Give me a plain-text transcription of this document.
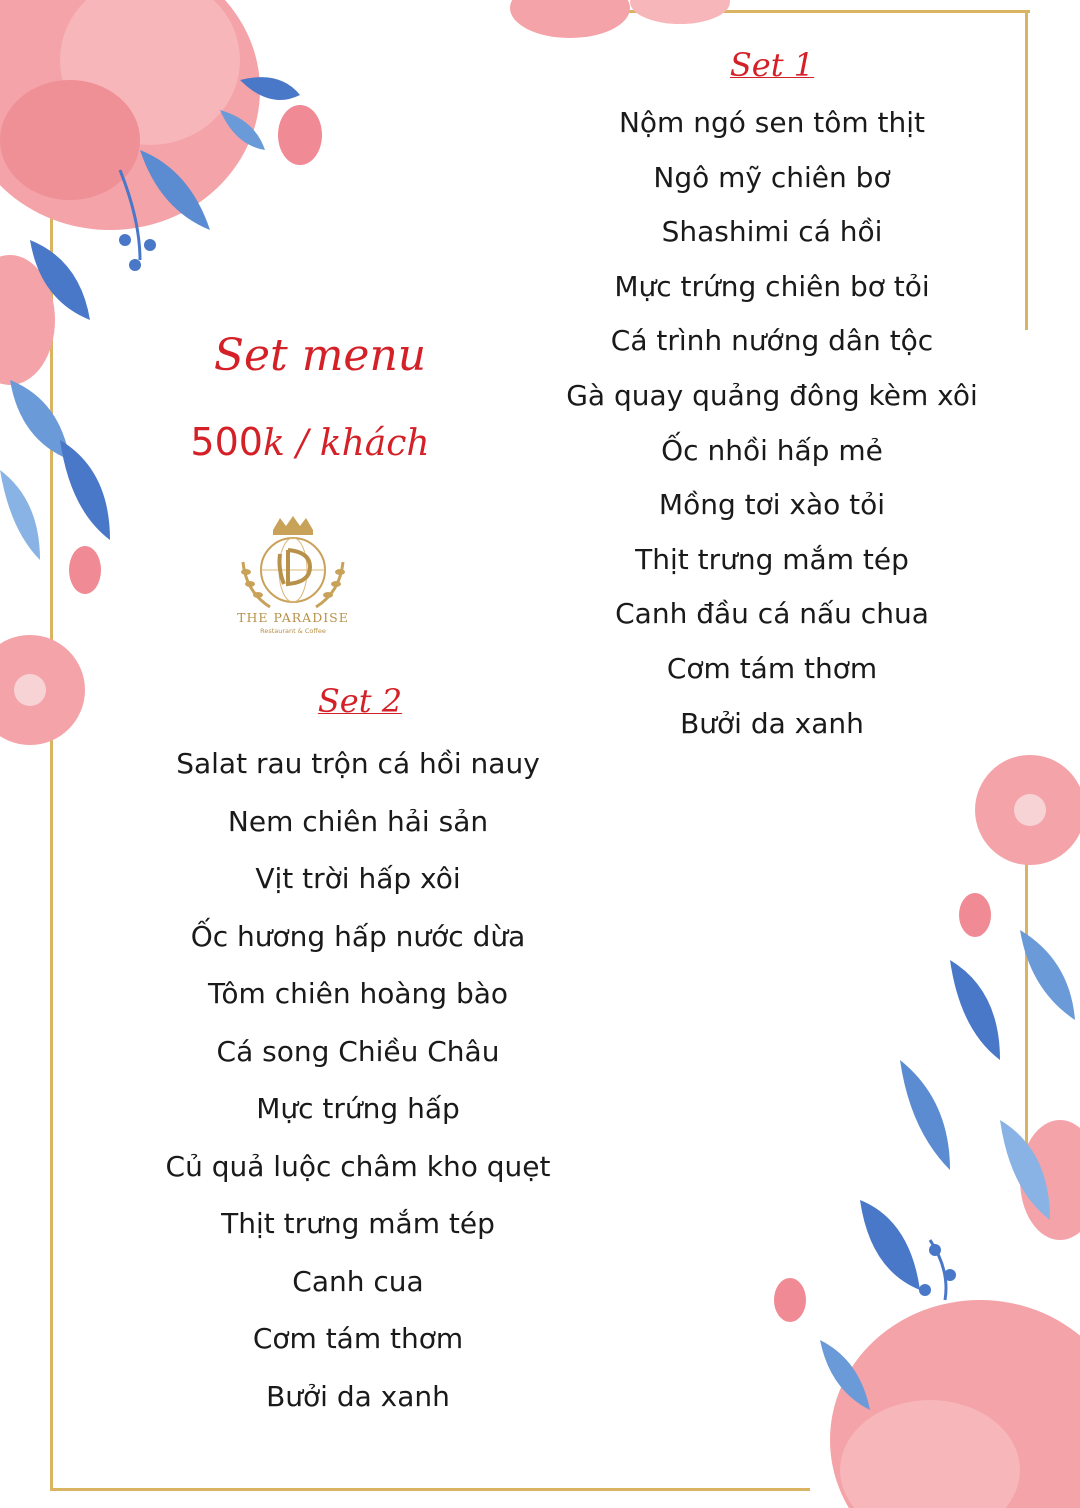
Set 1
Nộm ngó sen tôm thịt
Ngô mỹ chiên bơ
Shashimi cá hồi
Mực trứng chiên bơ tỏi
Cá trình nướng dân tộc
Gà quay quảng đông kèm xôi
Ốc nhồi hấp mẻ
Mồng tơi xào tỏi
Thịt trưng mắm tép
Canh đầu cá nấu chua
Cơm tám thơm
Bưởi da xanh
Set menu
500k / khách
THE PARADISE
Restaurant & Coffee
Set 2
Salat rau trộn cá hồi nauy
Nem chiên hải sản
Vịt trời hấp xôi
Ốc hương hấp nước dừa
Tôm chiên hoàng bào
Cá song Chiều Châu
Mực trứng hấp
Củ quả luộc châm kho quẹt
Thịt trưng mắm tép
Canh cua
Cơm tám thơm
Bưởi da xanh
